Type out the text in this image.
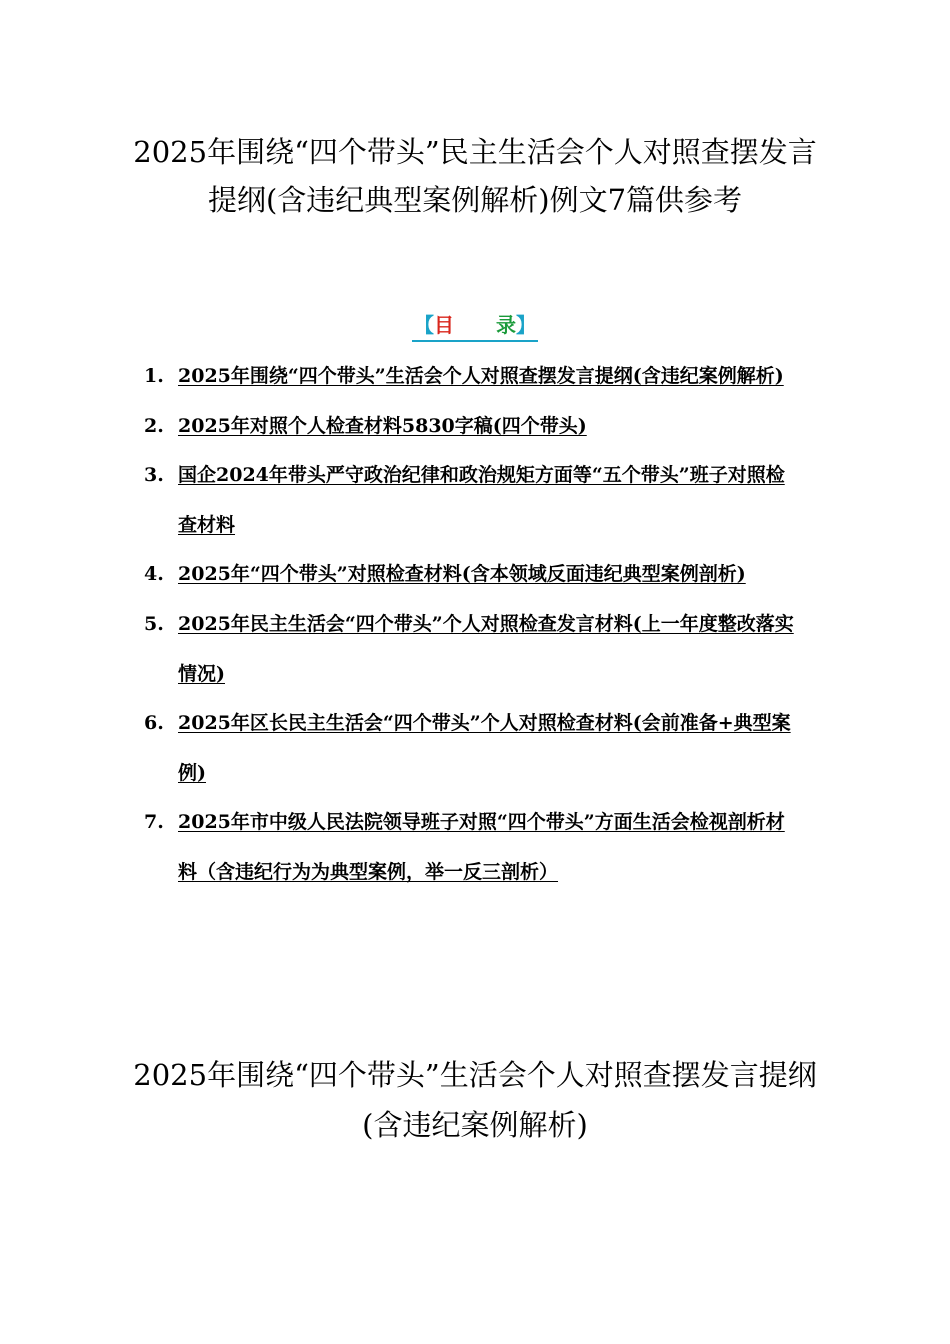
2025年围绕“四个带头”民主生活会个人对照查摆发言提纲(含违纪典型案例解析)例文7篇供参考
【目 录】
1. 2025年围绕“四个带头”生活会个人对照查摆发言提纲(含违纪案例解析)
2. 2025年对照个人检查材料5830字稿(四个带头)
3. 国企2024年带头严守政治纪律和政治规矩方面等“五个带头”班子对照检查材料
4. 2025年“四个带头”对照检查材料(含本领域反面违纪典型案例剖析)
5. 2025年民主生活会“四个带头”个人对照检查发言材料(上一年度整改落实情况)
6. 2025年区长民主生活会“四个带头”个人对照检查材料(会前准备+典型案例)
7. 2025年市中级人民法院领导班子对照“四个带头”方面生活会检视剖析材料（含违纪行为为典型案例，举一反三剖析）
2025年围绕“四个带头”生活会个人对照查摆发言提纲(含违纪案例解析)
